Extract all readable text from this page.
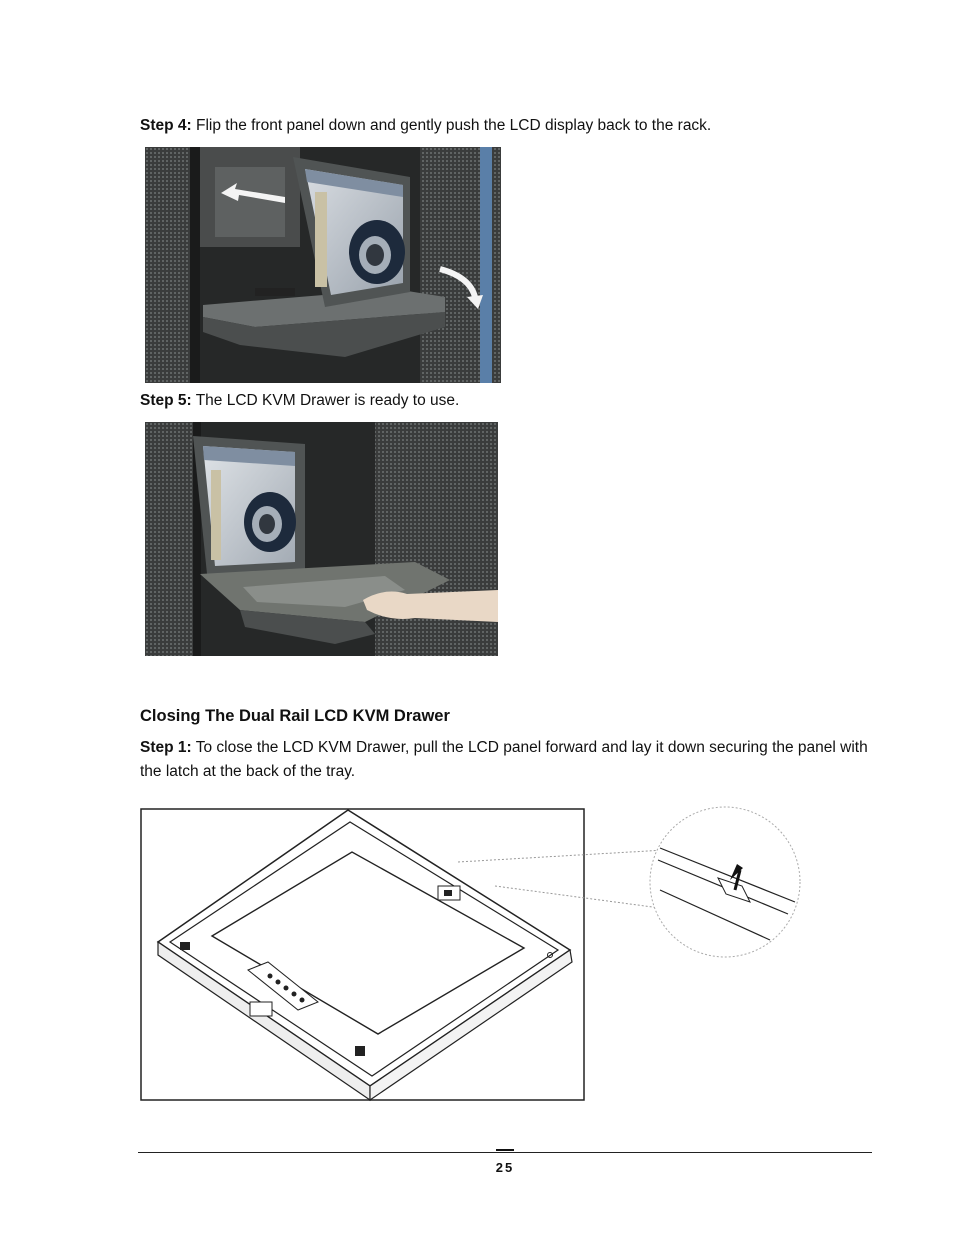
Step 4: Flip the front panel down and gently push the LCD display back to the rack.

Step 5: The LCD KVM Drawer is ready to use.

Closing The Dual Rail LCD KVM Drawer

Step 1: To close the LCD KVM Drawer, pull the LCD panel forward and lay it down securing the panel with the latch at the back of the tray.

25
